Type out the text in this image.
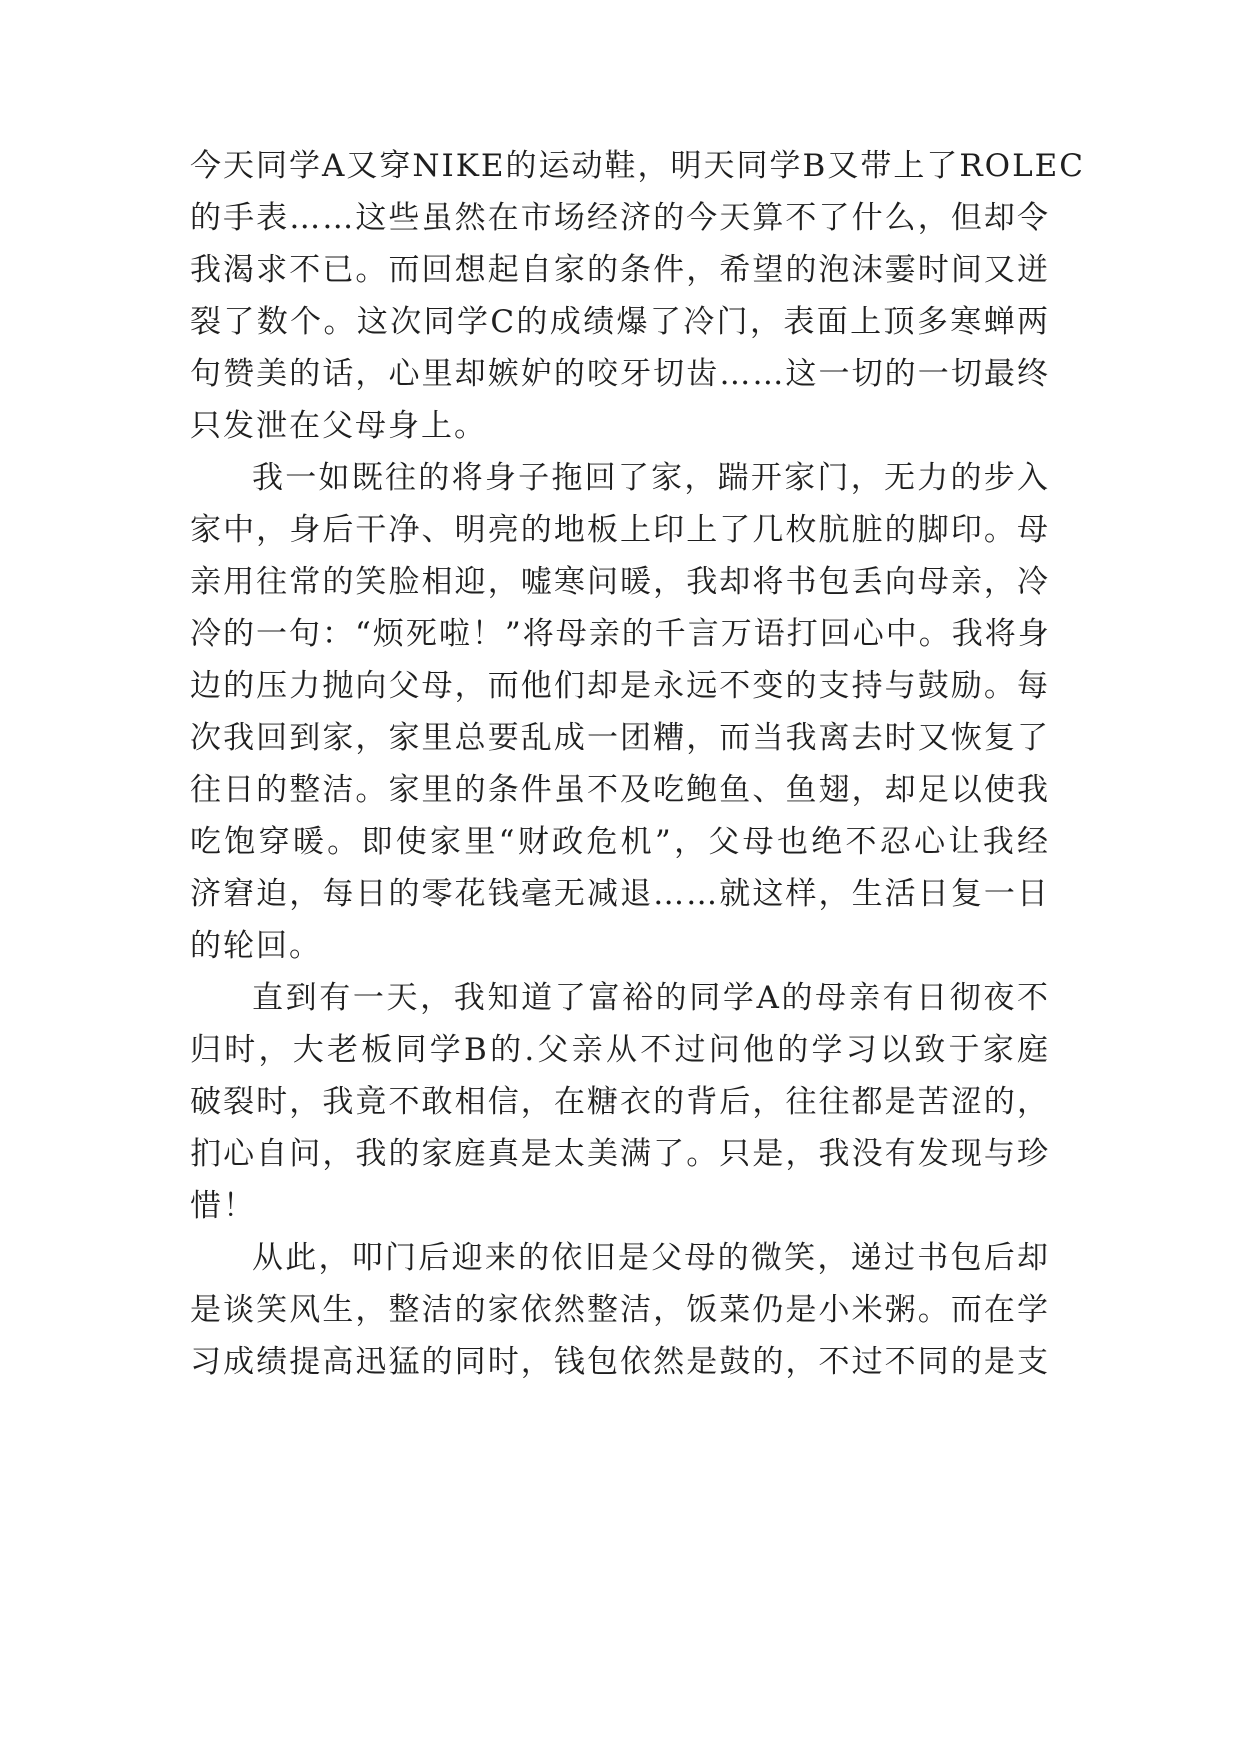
今天同学A又穿NIKE的运动鞋，明天同学B又带上了ROLEC
的手表……这些虽然在市场经济的今天算不了什么，但却令
我渴求不已。而回想起自家的条件，希望的泡沫霎时间又迸
裂了数个。这次同学C的成绩爆了冷门，表面上顶多寒蝉两
句赞美的话，心里却嫉妒的咬牙切齿……这一切的一切最终
只发泄在父母身上。
我一如既往的将身子拖回了家，踹开家门，无力的步入
家中，身后干净、明亮的地板上印上了几枚肮脏的脚印。母
亲用往常的笑脸相迎，嘘寒问暖，我却将书包丢向母亲，冷
冷的一句：“烦死啦！”将母亲的千言万语打回心中。我将身
边的压力抛向父母，而他们却是永远不变的支持与鼓励。每
次我回到家，家里总要乱成一团糟，而当我离去时又恢复了
往日的整洁。家里的条件虽不及吃鲍鱼、鱼翅，却足以使我
吃饱穿暖。即使家里“财政危机”，父母也绝不忍心让我经
济窘迫，每日的零花钱毫无减退……就这样，生活日复一日
的轮回。
直到有一天，我知道了富裕的同学A的母亲有日彻夜不
归时，大老板同学B的.父亲从不过问他的学习以致于家庭
破裂时，我竟不敢相信，在糖衣的背后，往往都是苦涩的，
扪心自问，我的家庭真是太美满了。只是，我没有发现与珍
惜！
从此，叩门后迎来的依旧是父母的微笑，递过书包后却
是谈笑风生，整洁的家依然整洁，饭菜仍是小米粥。而在学
习成绩提高迅猛的同时，钱包依然是鼓的，不过不同的是支
